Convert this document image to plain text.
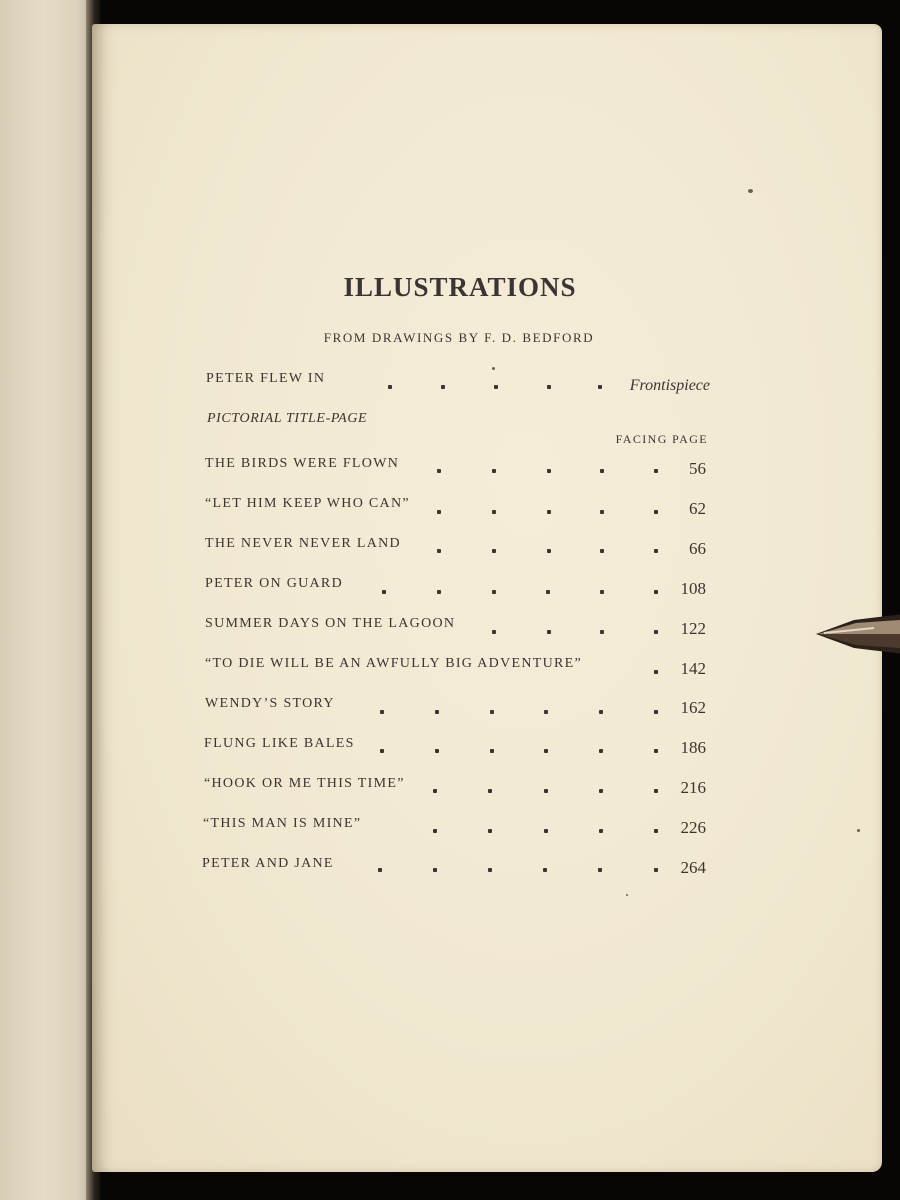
ILLUSTRATIONS
FROM DRAWINGS BY F. D. BEDFORD
PETER FLEW IN	Frontispiece
PICTORIAL TITLE-PAGE
FACING PAGE
THE BIRDS WERE FLOWN	56
“LET HIM KEEP WHO CAN”	62
THE NEVER NEVER LAND	66
PETER ON GUARD	108
SUMMER DAYS ON THE LAGOON	122
“TO DIE WILL BE AN AWFULLY BIG ADVENTURE”	142
WENDY’S STORY	162
FLUNG LIKE BALES	186
“HOOK OR ME THIS TIME”	216
“THIS MAN IS MINE”	226
PETER AND JANE	264
